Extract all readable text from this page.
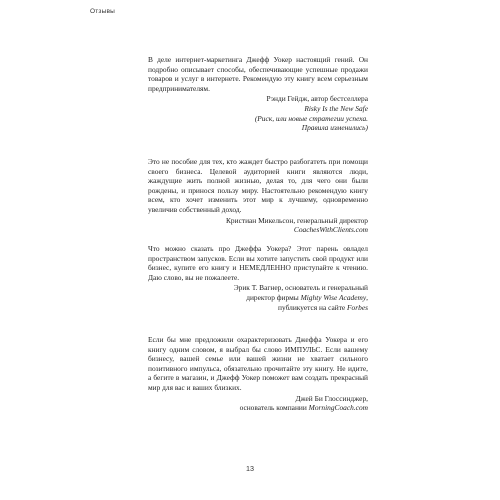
Отзывы

В деле интернет-маркетинга Джефф Уокер настоящий гений. Он подробно описывает способы, обеспечивающие успешные продажи товаров и услуг в интернете. Рекомендую эту книгу всем серьезным предпринимателям.

Рэнди Гейдж, автор бестселлера
Risky Is the New Safe
(Риск, или новые стратегии успеха.
Правила изменились)

Это не пособие для тех, кто жаждет быстро разбогатеть при помощи своего бизнеса. Целевой аудиторией книги являются люди, жаждущие жить полной жизнью, делая то, для чего они были рождены, и принося пользу миру. Настоятельно рекомендую книгу всем, кто хочет изменить этот мир к лучшему, одновременно увеличив собственный доход.

Кристиан Микельсон, генеральный директор
CoachesWithClients.com

Что можно сказать про Джеффа Уокера? Этот парень овладел пространством запусков. Если вы хотите запустить свой продукт или бизнес, купите его книгу и НЕМЕДЛЕННО приступайте к чтению. Даю слово, вы не пожалеете.

Эрик Т. Вагнер, основатель и генеральный
директор фирмы Mighty Wise Academy,
публикуется на сайте Forbes

Если бы мне предложили охарактеризовать Джеффа Уокера и его книгу одним словом, я выбрал бы слово ИМПУЛЬС. Если вашему бизнесу, вашей семье или вашей жизни не хватает сильного позитивного импульса, обязательно прочитайте эту книгу. Не идите, а бегите в магазин, и Джефф Уокер поможет вам создать прекрасный мир для вас и ваших близких.

Джей Би Глоссинджер,
основатель компании MorningCoach.com
13
